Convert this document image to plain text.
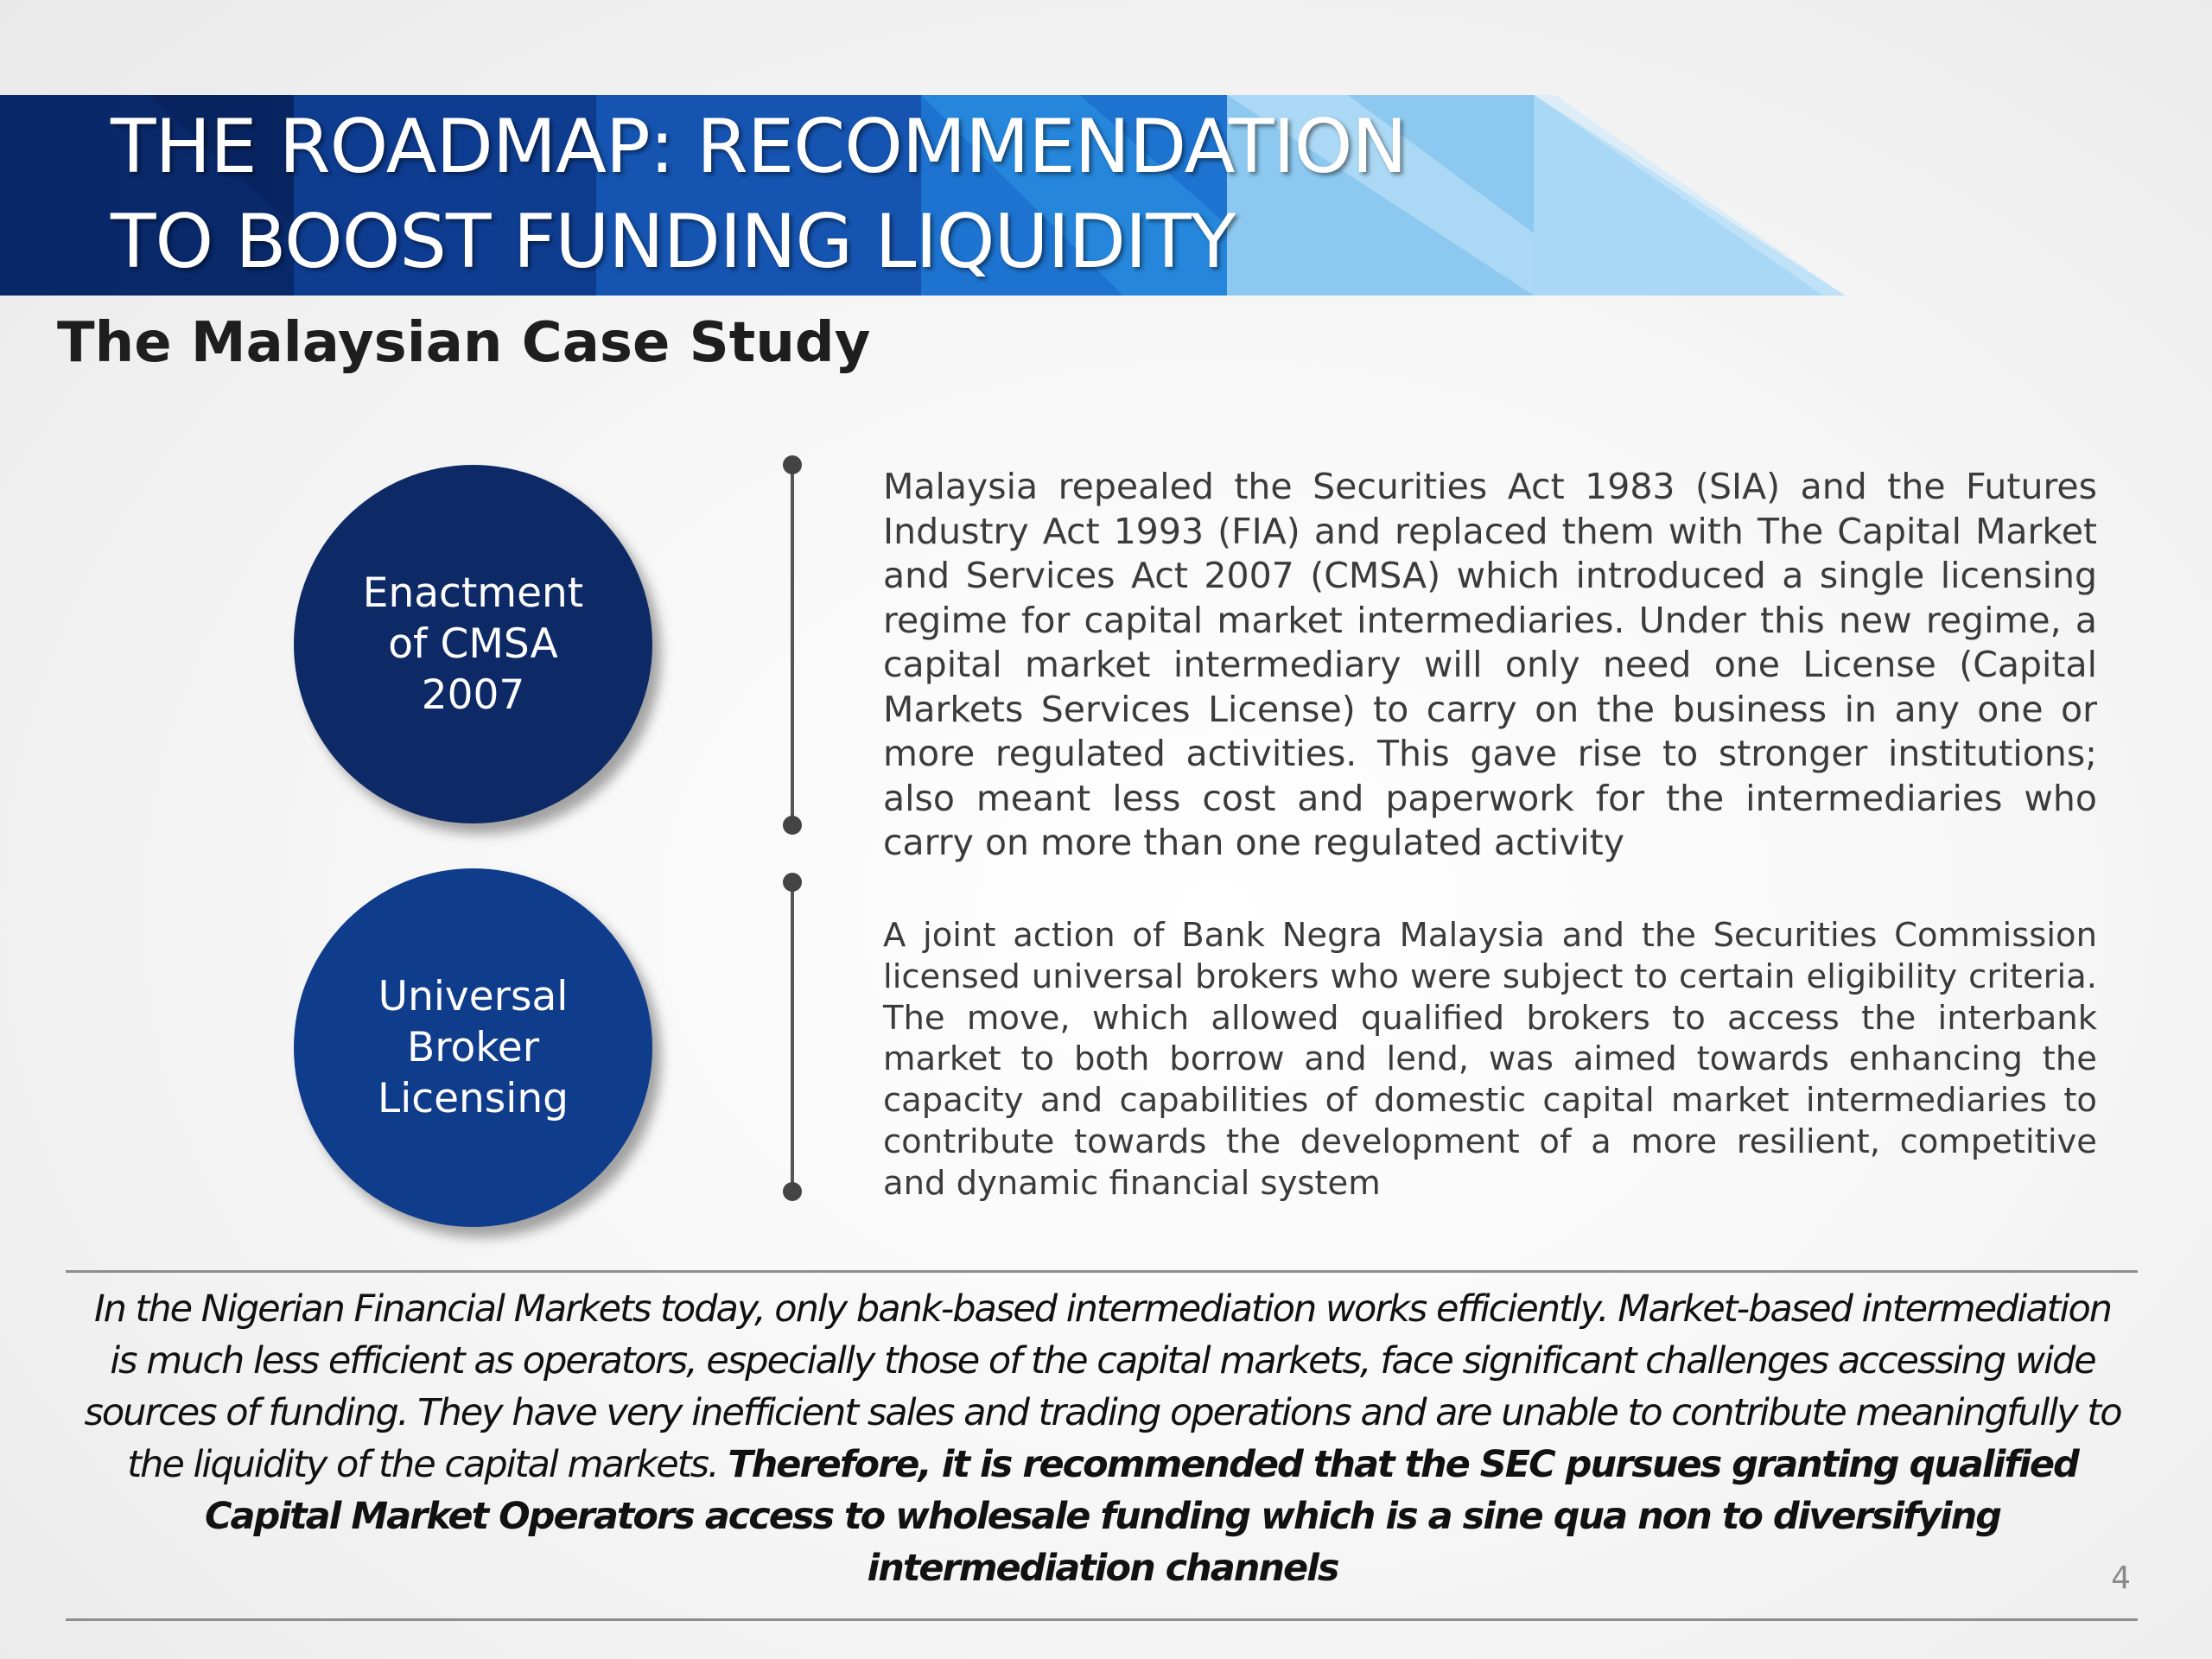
THE ROADMAP: RECOMMENDATION
TO BOOST FUNDING LIQUIDITY
The Malaysian Case Study
Enactment
of CMSA
2007

Malaysia repealed the Securities Act 1983 (SIA) and the Futures Industry Act 1993 (FIA) and replaced them with The Capital Market and Services Act 2007 (CMSA) which introduced a single licensing regime for capital market intermediaries. Under this new regime, a capital market intermediary will only need one License (Capital Markets Services License) to carry on the business in any one or more regulated activities. This gave rise to stronger institutions; also meant less cost and paperwork for the intermediaries who carry on more than one regulated activity

Universal
Broker
Licensing

A joint action of Bank Negra Malaysia and the Securities Commission licensed universal brokers who were subject to certain eligibility criteria. The move, which allowed qualified brokers to access the interbank market to both borrow and lend, was aimed towards enhancing the capacity and capabilities of domestic capital market intermediaries to contribute towards the development of a more resilient, competitive and dynamic financial system

In the Nigerian Financial Markets today, only bank-based intermediation works efficiently. Market-based intermediation is much less efficient as operators, especially those of the capital markets, face significant challenges accessing wide sources of funding. They have very inefficient sales and trading operations and are unable to contribute meaningfully to the liquidity of the capital markets. Therefore, it is recommended that the SEC pursues granting qualified Capital Market Operators access to wholesale funding which is a sine qua non to diversifying intermediation channels	4
